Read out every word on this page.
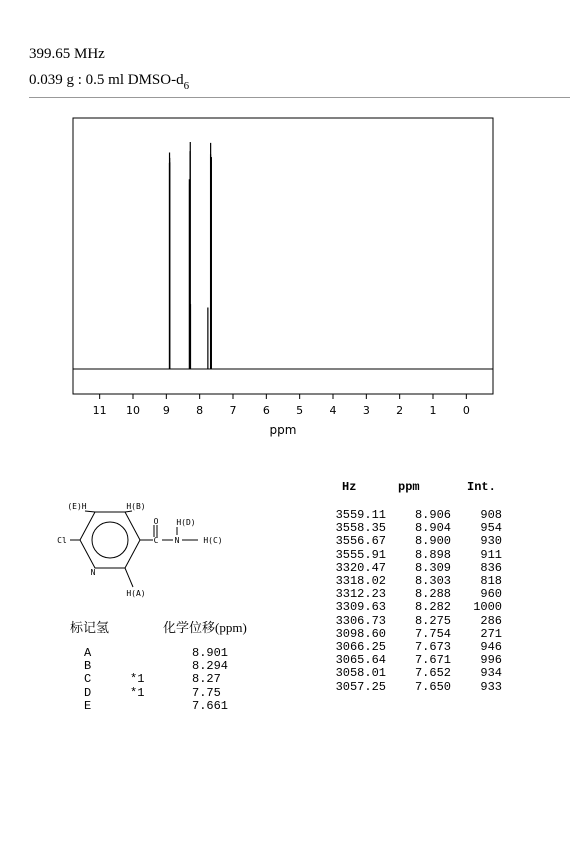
399.65 MHz
0.039 g : 0.5 ml DMSO-$d_6$
11 10 9 8 7 6 5 4 3 2 1 0
ppm
(E)H	H(B)
Cl
O
C N
H(D)
H(C)
N
H(A)
标记氢	化学位移(ppm)
A	8.901
B	8.294
C	*1	8.27
D	*1	7.75
E	7.661
Hz	ppm	Int.
3559.11 8.906 908
3558.35 8.904 954
3556.67 8.900 930
3555.91 8.898 911
3320.47 8.309 836
3318.02 8.303 818
3312.23 8.288 960
3309.63 8.282 1000
3306.73 8.275 286
3098.60 7.754 271
3066.25 7.673 946
3065.64 7.671 996
3058.01 7.652 934
3057.25 7.650 933
